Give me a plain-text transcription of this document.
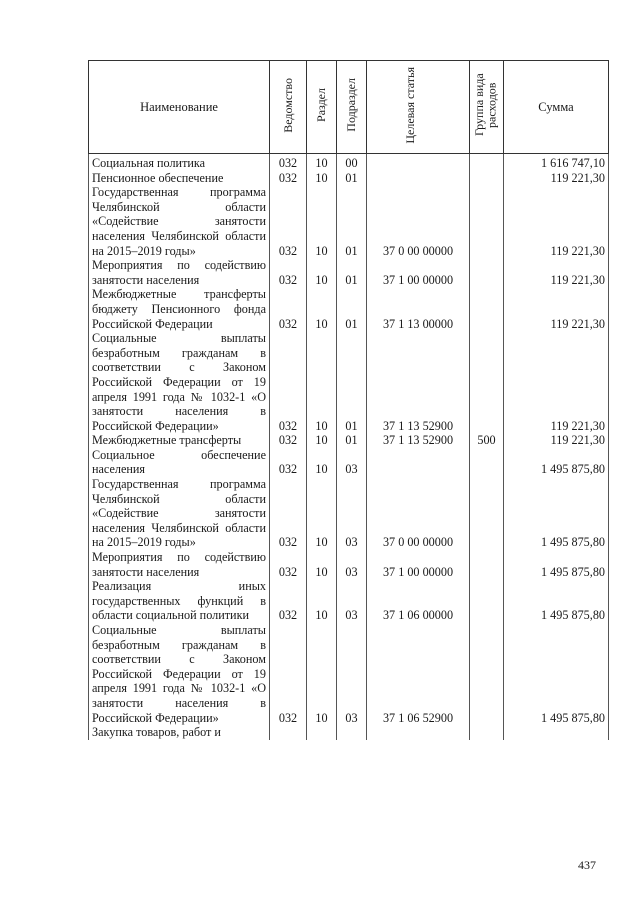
Наименование	Ведомство	Раздел	Подраздел	Целевая статья	Группа вида расходов	Сумма
Социальная политика	032	10	00			1 616 747,10
Пенсионное обеспечение	032	10	01			119 221,30
Государственная программа Челябинской области «Содействие занятости населения Челябинской области на 2015–2019 годы»	032	10	01	37 0 00 00000		119 221,30
Мероприятия по содействию занятости населения	032	10	01	37 1 00 00000		119 221,30
Межбюджетные трансферты бюджету Пенсионного фонда Российской Федерации	032	10	01	37 1 13 00000		119 221,30
Социальные выплаты безработным гражданам в соответствии с Законом Российской Федерации от 19 апреля 1991 года № 1032-1 «О занятости населения в Российской Федерации»	032	10	01	37 1 13 52900		119 221,30
Межбюджетные трансферты	032	10	01	37 1 13 52900	500	119 221,30
Социальное обеспечение населения	032	10	03			1 495 875,80
Государственная программа Челябинской области «Содействие занятости населения Челябинской области на 2015–2019 годы»	032	10	03	37 0 00 00000		1 495 875,80
Мероприятия по содействию занятости населения	032	10	03	37 1 00 00000		1 495 875,80
Реализация иных государственных функций в области социальной политики	032	10	03	37 1 06 00000		1 495 875,80
Социальные выплаты безработным гражданам в соответствии с Законом Российской Федерации от 19 апреля 1991 года № 1032-1 «О занятости населения в Российской Федерации»	032	10	03	37 1 06 52900		1 495 875,80
Закупка товаров, работ и						
437
